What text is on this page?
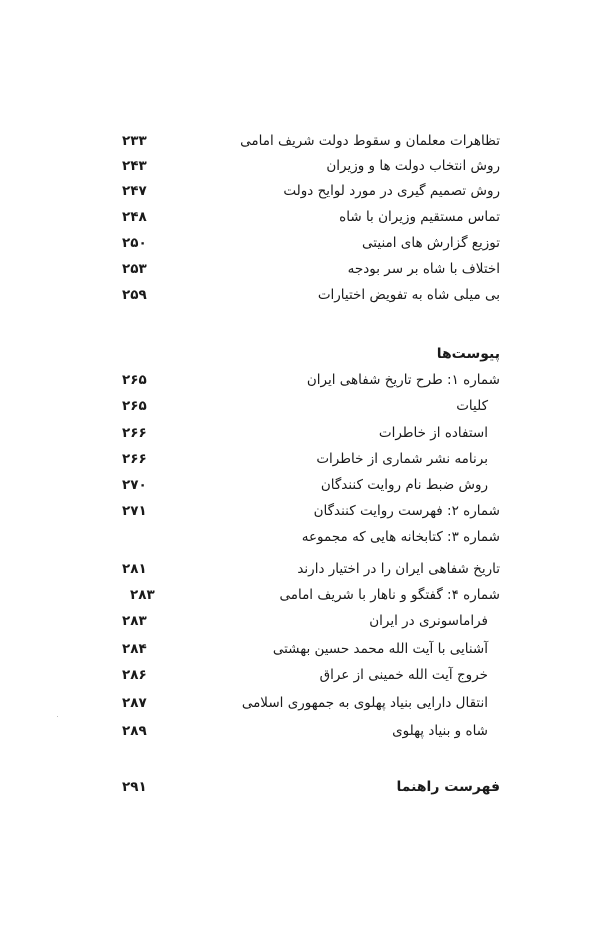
تظاهرات معلمان و سقوط دولت شریف امامی
۲۳۳
روش انتخاب دولت ها و وزیران
۲۴۳
روش تصمیم گیری در مورد لوایح دولت
۲۴۷
تماس مستقیم وزیران با شاه
۲۴۸
توزیع گزارش های امنیتی
۲۵۰
اختلاف با شاه بر سر بودجه
۲۵۳
بی میلی شاه به تفویض اختیارات
۲۵۹
پیوست‌ها
شماره ۱: طرح تاریخ شفاهی ایران
۲۶۵
کلیات
۲۶۵
استفاده از خاطرات
۲۶۶
برنامه نشر شماری از خاطرات
۲۶۶
روش ضبط نام روایت کنندگان
۲۷۰
شماره ۲: فهرست روایت کنندگان
۲۷۱
شماره ۳: کتابخانه هایی که مجموعه
تاریخ شفاهی ایران را در اختیار دارند
۲۸۱
شماره ۴: گفتگو و ناهار با شریف امامی
۲۸۳
فراماسونری در ایران
۲۸۳
آشنایی با آیت الله محمد حسین بهشتی
۲۸۴
خروج آیت الله خمینی از عراق
۲۸۶
انتقال دارایی بنیاد پهلوی به جمهوری اسلامی
۲۸۷
شاه و بنیاد پهلوی
۲۸۹
فهرست راهنما
۲۹۱
